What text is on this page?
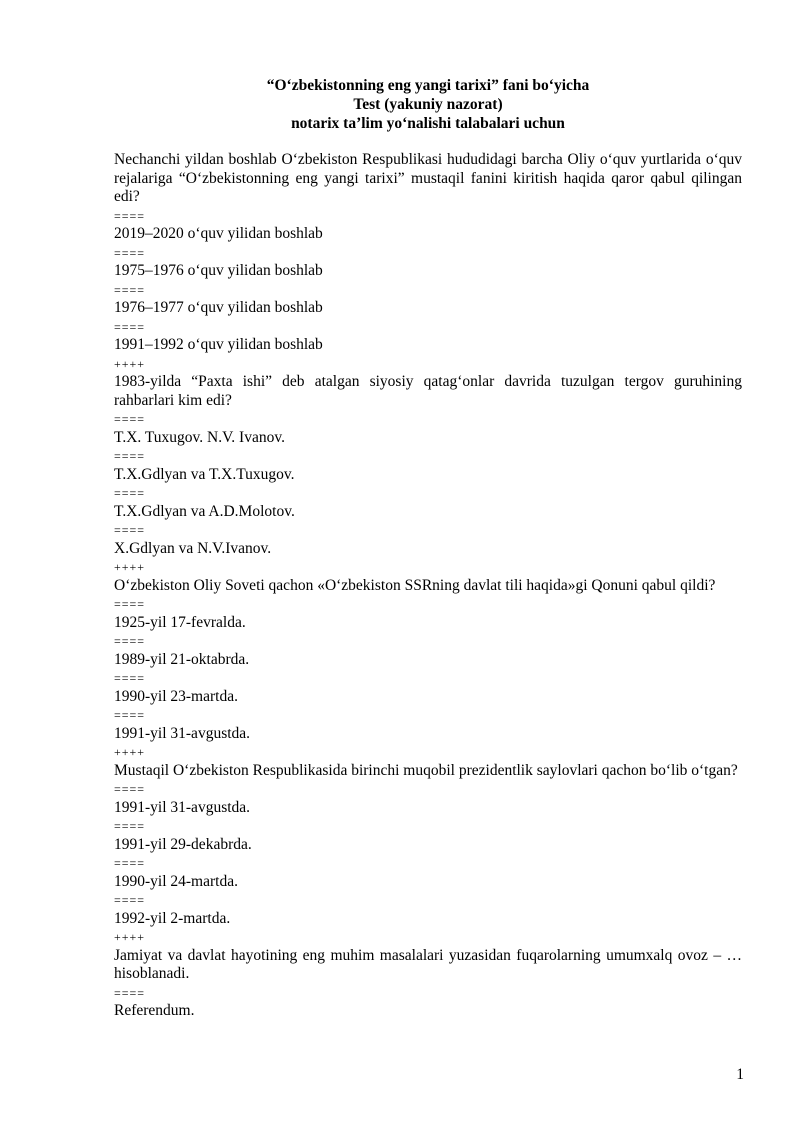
“O‘zbekistonning eng yangi tarixi” fani bo‘yicha
Test (yakuniy nazorat)
notarix ta’lim yo‘nalishi talabalari uchun
Nechanchi yildan boshlab O‘zbekiston Respublikasi hududidagi barcha Oliy o‘quv yurtlarida o‘quv rejalariga “O‘zbekistonning eng yangi tarixi” mustaqil fanini kiritish haqida qaror qabul qilingan edi?
====
2019–2020 o‘quv yilidan boshlab
====
1975–1976 o‘quv yilidan boshlab
====
1976–1977 o‘quv yilidan boshlab
====
1991–1992 o‘quv yilidan boshlab
++++
1983-yilda “Paxta ishi” deb atalgan siyosiy qatag‘onlar davrida tuzulgan tergov guruhining rahbarlari kim edi?
====
T.X. Tuxugov. N.V. Ivanov.
====
T.X.Gdlyan va T.X.Tuxugov.
====
T.X.Gdlyan va A.D.Molotov.
====
X.Gdlyan va N.V.Ivanov.
++++
O‘zbekiston Oliy Soveti qachon «O‘zbekiston SSRning davlat tili haqida»gi Qonuni qabul qildi?
====
1925-yil 17-fevralda.
====
1989-yil 21-oktabrda.
====
1990-yil 23-martda.
====
1991-yil 31-avgustda.
++++
Mustaqil O‘zbekiston Respublikasida birinchi muqobil prezidentlik saylovlari qachon bo‘lib o‘tgan?
====
1991-yil 31-avgustda.
====
1991-yil 29-dekabrda.
====
1990-yil 24-martda.
====
1992-yil 2-martda.
++++
Jamiyat va davlat hayotining eng muhim masalalari yuzasidan fuqarolarning umumxalq ovoz – … hisoblanadi.
====
Referendum.
1
